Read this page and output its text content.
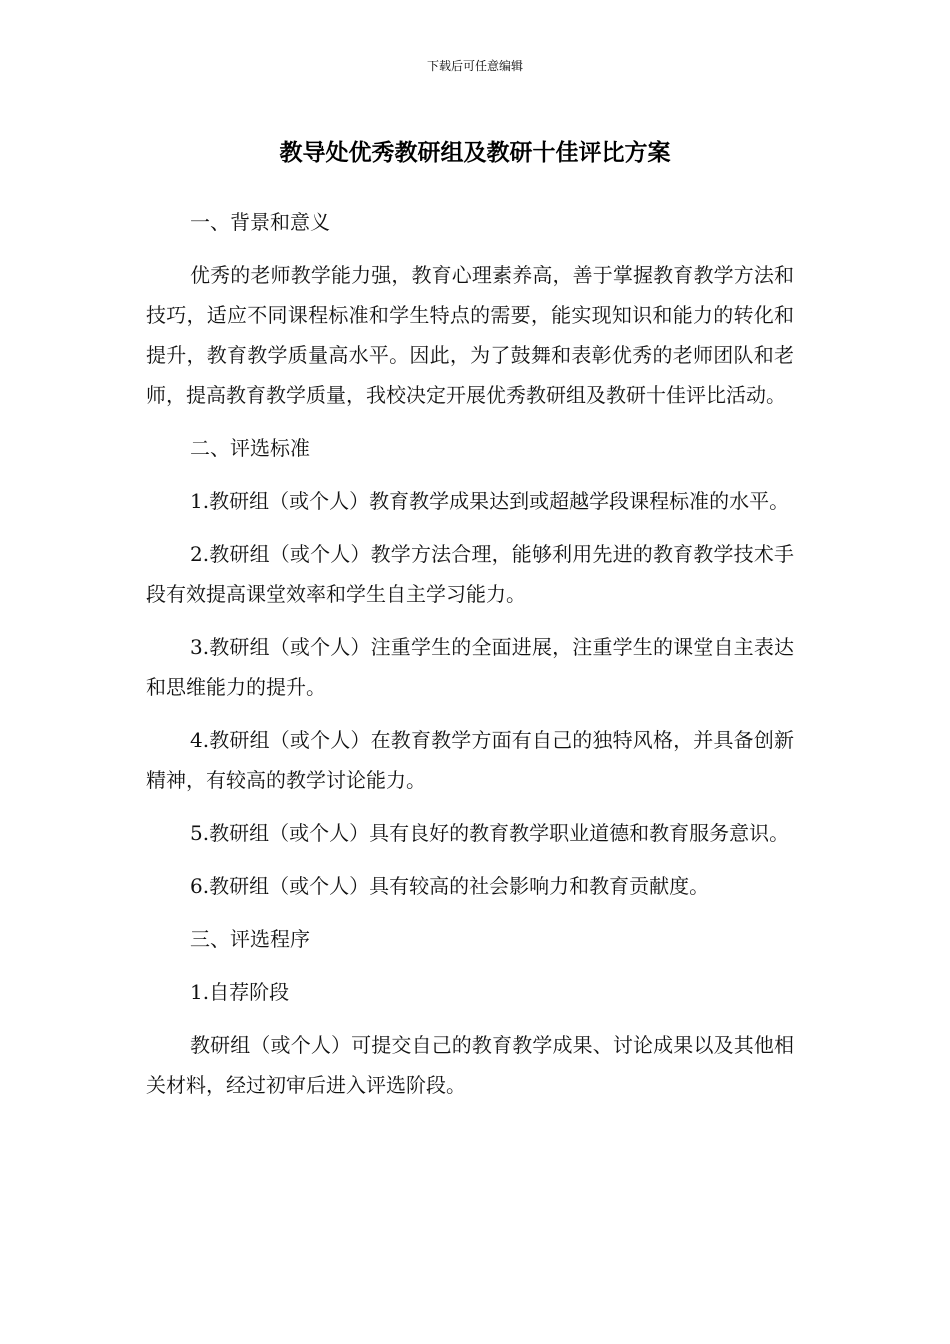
下载后可任意编辑
教导处优秀教研组及教研十佳评比方案

一、背景和意义

优秀的老师教学能力强，教育心理素养高，善于掌握教育教学方法和技巧，适应不同课程标准和学生特点的需要，能实现知识和能力的转化和提升，教育教学质量高水平。因此，为了鼓舞和表彰优秀的老师团队和老师，提高教育教学质量，我校决定开展优秀教研组及教研十佳评比活动。

二、评选标准

1.教研组（或个人）教育教学成果达到或超越学段课程标准的水平。

2.教研组（或个人）教学方法合理，能够利用先进的教育教学技术手段有效提高课堂效率和学生自主学习能力。

3.教研组（或个人）注重学生的全面进展，注重学生的课堂自主表达和思维能力的提升。

4.教研组（或个人）在教育教学方面有自己的独特风格，并具备创新精神，有较高的教学讨论能力。

5.教研组（或个人）具有良好的教育教学职业道德和教育服务意识。

6.教研组（或个人）具有较高的社会影响力和教育贡献度。

三、评选程序

1.自荐阶段

教研组（或个人）可提交自己的教育教学成果、讨论成果以及其他相关材料，经过初审后进入评选阶段。
